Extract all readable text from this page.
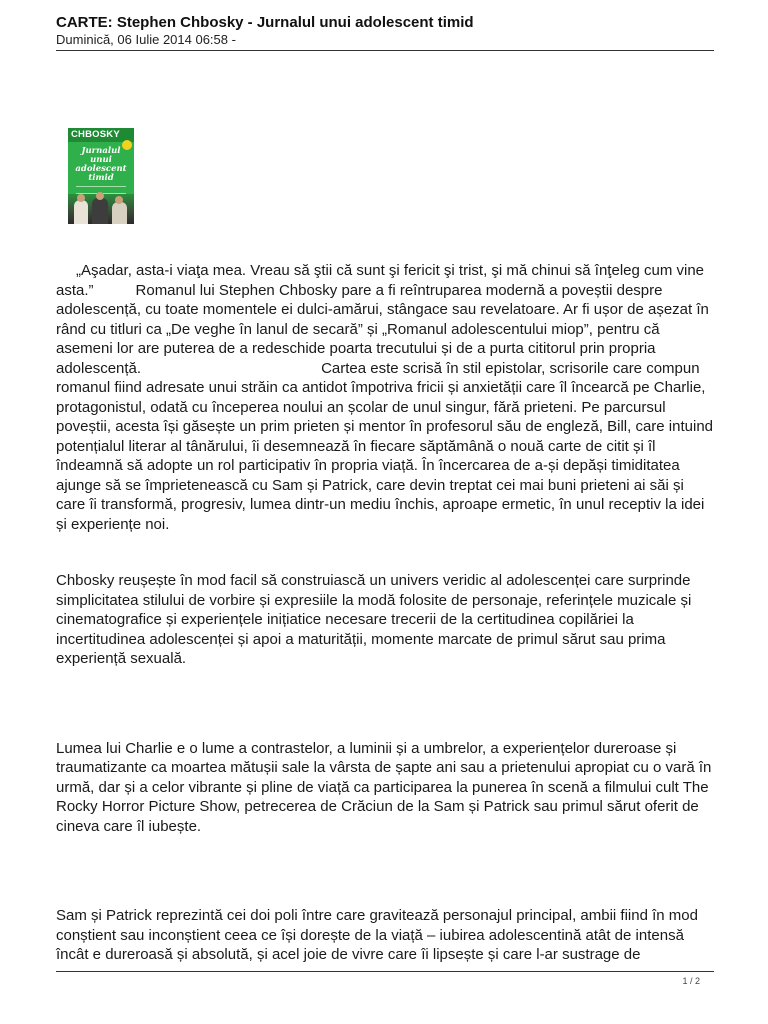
CARTE: Stephen Chbosky - Jurnalul unui adolescent timid

Duminică, 06 Iulie 2014 06:58 -

CHBOSKY
Jurnalul unui adolescent timid

„Aşadar, asta-i viaţa mea. Vreau să ştii că sunt şi fericit şi trist, şi mă chinui să înţeleg cum vine asta.”	Romanul lui Stephen Chbosky pare a fi reîntruparea modernă a poveștii despre adolescență, cu toate momentele ei dulci-amărui, stângace sau revelatoare. Ar fi ușor de așezat în rând cu titluri ca „De veghe în lanul de secară” și „Romanul adolescentului miop”, pentru că asemeni lor are puterea de a redeschide poarta trecutului și de a purta cititorul prin propria adolescență.	Cartea este scrisă în stil epistolar, scrisorile care compun romanul fiind adresate unui străin ca antidot împotriva fricii și anxietății care îl încearcă pe Charlie, protagonistul, odată cu începerea noului an școlar de unul singur, fără prieteni. Pe parcursul poveștii, acesta își găsește un prim prieten și mentor în profesorul său de engleză, Bill, care intuind potențialul literar al tânărului, îi desemnează în fiecare săptămână o nouă carte de citit și îl îndeamnă să adopte un rol participativ în propria viață. În încercarea de a-și depăși timiditatea ajunge să se împrietenească cu Sam și Patrick, care devin treptat cei mai buni prieteni ai săi și care îi transformă, progresiv, lumea dintr-un mediu închis, aproape ermetic, în unul receptiv la idei și experiențe noi.

Chbosky reușește în mod facil să construiască un univers veridic al adolescenței care surprinde simplicitatea stilului de vorbire și expresiile la modă folosite de personaje, referințele muzicale și cinematografice și experiențele inițiatice necesare trecerii de la certitudinea copilăriei la incertitudinea adolescenței și apoi a maturității, momente marcate de primul sărut sau prima experiență sexuală.

Lumea lui Charlie e o lume a contrastelor, a luminii și a umbrelor, a experiențelor dureroase și traumatizante ca moartea mătușii sale la vârsta de șapte ani sau a prietenului apropiat cu o vară în urmă, dar și a celor vibrante și pline de viață ca participarea la punerea în scenă a filmului cult The Rocky Horror Picture Show, petrecerea de Crăciun de la Sam și Patrick sau primul sărut oferit de cineva care îl iubește.

Sam și Patrick reprezintă cei doi poli între care gravitează personajul principal, ambii fiind în mod conștient sau inconștient ceea ce își dorește de la viață – iubirea adolescentină atât de intensă încât e dureroasă și absolută, și acel joie de vivre care îi lipsește și care l-ar sustrage de

1 / 2
